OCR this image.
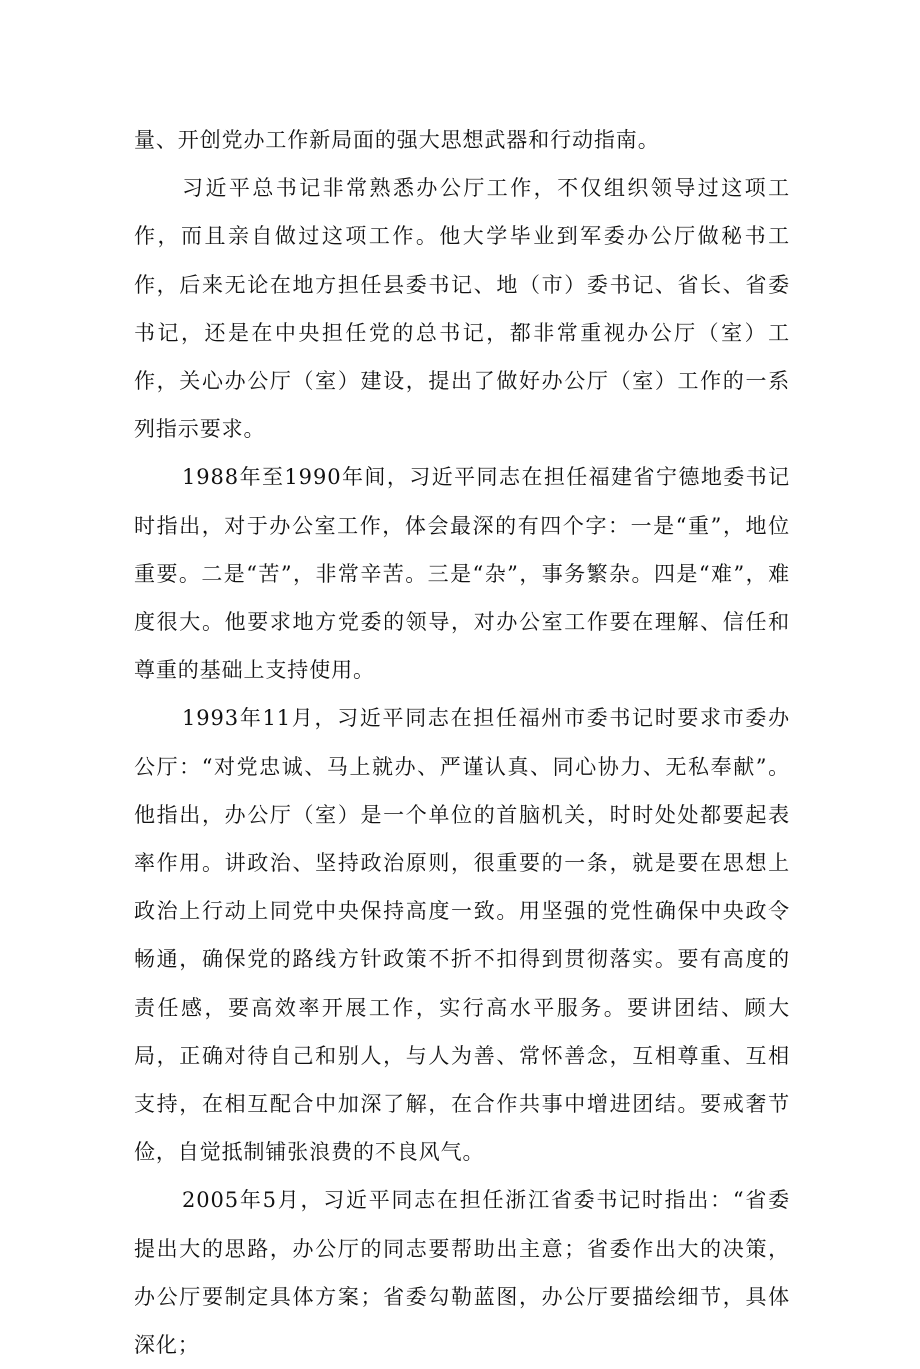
量、开创党办工作新局面的强大思想武器和行动指南。

习近平总书记非常熟悉办公厅工作，不仅组织领导过这项工作，而且亲自做过这项工作。他大学毕业到军委办公厅做秘书工作，后来无论在地方担任县委书记、地（市）委书记、省长、省委书记，还是在中央担任党的总书记，都非常重视办公厅（室）工作，关心办公厅（室）建设，提出了做好办公厅（室）工作的一系列指示要求。

1988年至1990年间，习近平同志在担任福建省宁德地委书记时指出，对于办公室工作，体会最深的有四个字：一是“重”，地位重要。二是“苦”，非常辛苦。三是“杂”，事务繁杂。四是“难”，难度很大。他要求地方党委的领导，对办公室工作要在理解、信任和尊重的基础上支持使用。

1993年11月，习近平同志在担任福州市委书记时要求市委办公厅：“对党忠诚、马上就办、严谨认真、同心协力、无私奉献”。他指出，办公厅（室）是一个单位的首脑机关，时时处处都要起表率作用。讲政治、坚持政治原则，很重要的一条，就是要在思想上政治上行动上同党中央保持高度一致。用坚强的党性确保中央政令畅通，确保党的路线方针政策不折不扣得到贯彻落实。要有高度的责任感，要高效率开展工作，实行高水平服务。要讲团结、顾大局，正确对待自己和别人，与人为善、常怀善念，互相尊重、互相支持，在相互配合中加深了解，在合作共事中增进团结。要戒奢节俭，自觉抵制铺张浪费的不良风气。

2005年5月，习近平同志在担任浙江省委书记时指出：“省委提出大的思路，办公厅的同志要帮助出主意；省委作出大的决策，办公厅要制定具体方案；省委勾勒蓝图，办公厅要描绘细节，具体深化；
